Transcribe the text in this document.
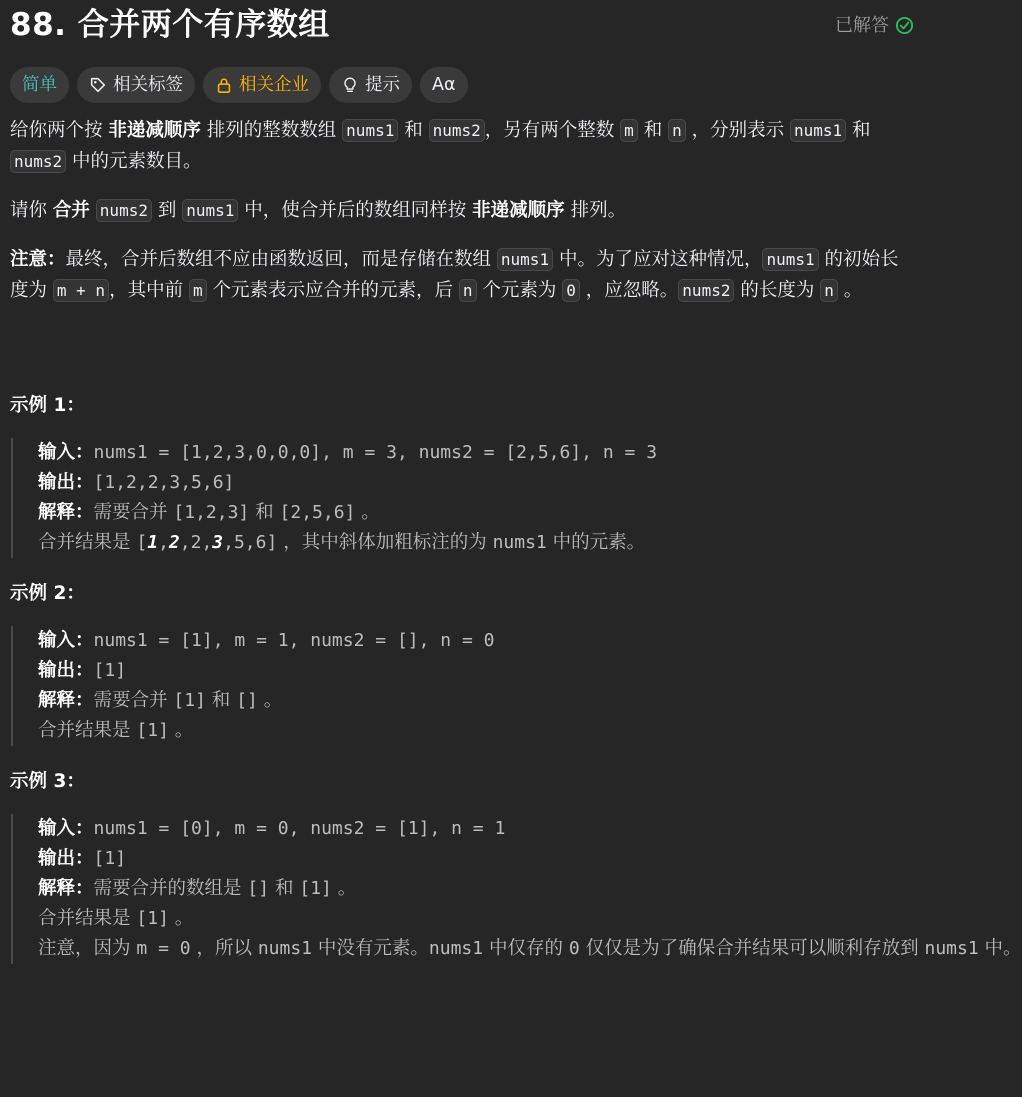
88. 合并两个有序数组	已解答
简单	相关标签	相关企业	提示 Aα

给你两个按 非递减顺序 排列的整数数组 nums1 和 nums2 ，另有两个整数 m 和 n ，分别表示 nums1 和 nums2 中的元素数目。

请你 合并 nums2 到 nums1 中，使合并后的数组同样按 非递减顺序 排列。

注意：最终，合并后数组不应由函数返回，而是存储在数组 nums1 中。为了应对这种情况， nums1 的初始长度为 m + n ，其中前 m 个元素表示应合并的元素，后 n 个元素为 0 ，应忽略。 nums2 的长度为 n 。

示例 1：
输入：nums1 = [1,2,3,0,0,0], m = 3, nums2 = [2,5,6], n = 3
输出：[1,2,2,3,5,6]
解释：需要合并 [1,2,3] 和 [2,5,6] 。
合并结果是 [1,2,2,3,5,6] ，其中斜体加粗标注的为 nums1 中的元素。
示例 2：
输入：nums1 = [1], m = 1, nums2 = [], n = 0
输出：[1]
解释：需要合并 [1] 和 [] 。
合并结果是 [1] 。
示例 3：
输入：nums1 = [0], m = 0, nums2 = [1], n = 1
输出：[1]
解释：需要合并的数组是 [] 和 [1] 。
合并结果是 [1] 。
注意，因为 m = 0 ，所以 nums1 中没有元素。nums1 中仅存的 0 仅仅是为了确保合并结果可以顺利存放到 nums1 中。
